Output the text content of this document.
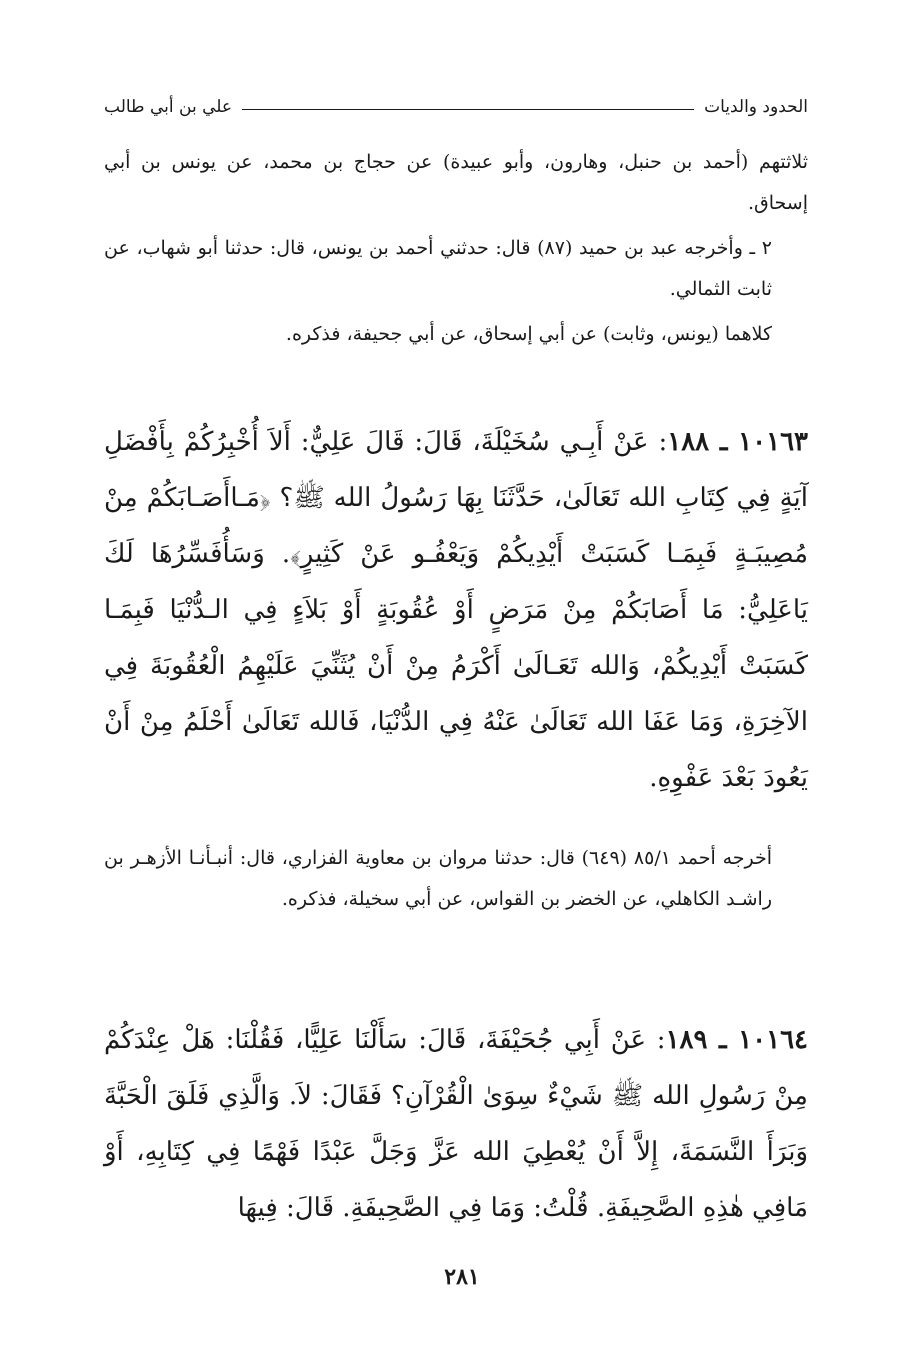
الحدود والديات
علي بن أبي طالب

ثلاثتهم (أحمد بن حنبل، وهارون، وأبو عبيدة) عن حجاج بن محمد، عن يونس بن أبي إسحاق.

٢ ـ وأخرجه عبد بن حميد (٨٧) قال: حدثني أحمد بن يونس، قال: حدثنا أبو شهاب، عن ثابت الثمالي.

كلاهما (يونس، وثابت) عن أبي إسحاق، عن أبي جحيفة، فذكره.

١٠١٦٣ ـ ١٨٨: عَنْ أَبِـي سُخَيْلَةَ، قَالَ: قَالَ عَلِيٌّ: أَلاَ أُخْبِرُكُمْ بِأَفْضَلِ آيَةٍ فِي كِتَابِ الله تَعَالَىٰ، حَدَّثَنَا بِهَا رَسُولُ الله ﷺ؟ ﴿مَـاأَصَـابَكُمْ مِنْ مُصِيبَـةٍ فَبِمَـا كَسَبَتْ أَيْدِيكُمْ وَيَعْفُـو عَنْ كَثِيرٍ﴾. وَسَأُفَسِّرُهَا لَكَ يَاعَلِيُّ: مَا أَصَابَكُمْ مِنْ مَرَضٍ أَوْ عُقُوبَةٍ أَوْ بَلاَءٍ فِي الـدُّنْيَا فَبِمَـا كَسَبَتْ أَيْدِيكُمْ، وَالله تَعَـالَىٰ أَكْرَمُ مِنْ أَنْ يُثَنِّيَ عَلَيْهِمُ الْعُقُوبَةَ فِي الآخِرَةِ، وَمَا عَفَا الله تَعَالَىٰ عَنْهُ فِي الدُّنْيَا، فَالله تَعَالَىٰ أَحْلَمُ مِنْ أَنْ يَعُودَ بَعْدَ عَفْوِهِ.

أخرجه أحمد ٨٥/١ (٦٤٩) قال: حدثنا مروان بن معاوية الفزاري، قال: أنبـأنـا الأزهـر بن راشـد الكاهلي، عن الخضر بن القواس، عن أبي سخيلة، فذكره.

١٠١٦٤ ـ ١٨٩: عَنْ أَبِي جُحَيْفَةَ، قَالَ: سَأَلْنَا عَلِيًّا، فَقُلْنَا: هَلْ عِنْدَكُمْ مِنْ رَسُولِ الله ﷺ شَيْءٌ سِوَىٰ الْقُرْآنِ؟ فَقَالَ: لاَ. وَالَّذِي فَلَقَ الْحَبَّةَ وَبَرَأَ النَّسَمَةَ، إِلاَّ أَنْ يُعْطِيَ الله عَزَّ وَجَلَّ عَبْدًا فَهْمًا فِي كِتَابِهِ، أَوْ مَافِي هٰذِهِ الصَّحِيفَةِ. قُلْتُ: وَمَا فِي الصَّحِيفَةِ. قَالَ: فِيهَا

٢٨١
